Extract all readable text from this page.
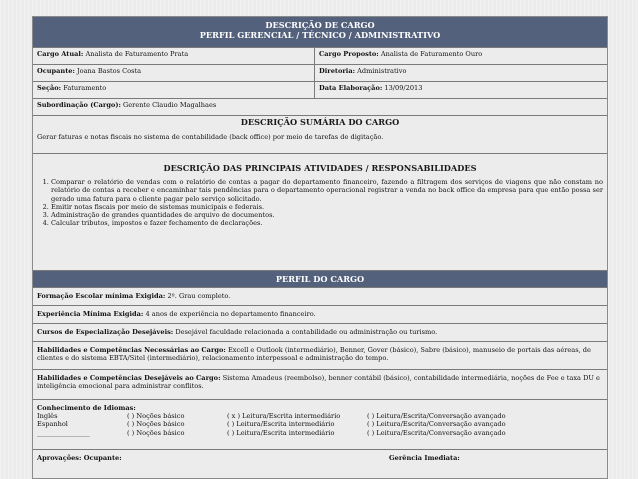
DESCRIÇÃO DE CARGO
PERFIL GERENCIAL / TÉCNICO / ADMINISTRATIVO
Cargo Atual: Analista de Faturamento Prata	Cargo Proposto: Analista de Faturamento Ouro
Ocupante: Joana Bastos Costa	Diretoria: Administrativo
Seção: Faturamento	Data Elaboração: 13/09/2013
Subordinação (Cargo): Gerente Claudio Magalhaes
DESCRIÇÃO SUMÁRIA DO CARGO
Gerar faturas e notas fiscais no sistema de contabilidade (back office) por meio de tarefas de digitação.
DESCRIÇÃO DAS PRINCIPAIS ATIVIDADES / RESPONSABILIDADES
1. Comparar o relatório de vendas com o relatório de contas a pagar do departamento financeiro, fazendo a filtragem dos serviços de viagens que não constam no relatório de contas a receber e encaminhar tais pendências para o departamento operacional registrar a venda no back office da empresa para que então possa ser gerado uma fatura para o cliente pagar pelo serviço solicitado.
2. Emitir notas fiscais por meio de sistemas municipais e federais.
3. Administração de grandes quantidades de arquivo de documentos.
4. Calcular tributos, impostos e fazer fechamento de declarações.
PERFIL DO CARGO
Formação Escolar mínima Exigida: 2º. Grau completo.
Experiência Mínima Exigida: 4 anos de experiência no departamento financeiro.
Cursos de Especialização Desejáveis: Desejável faculdade relacionada a contabilidade ou administração ou turismo.
Habilidades e Competências Necessárias ao Cargo: Excell e Outlook (intermediário), Benner, Gover (básico), Sabre (básico), manuseio de portais das aéreas, de clientes e do sistema EBTA/Sitel (intermediário), relacionamento interpessoal e administração do tempo.
Habilidades e Competências Desejáveis ao Cargo: Sistema Amadeus (reembolso), benner contábil (básico), contabilidade intermediária, noções de Fee e taxa DU e inteligência emocional para administrar conflitos.
Conhecimento de Idiomas:
Inglês	( ) Noções básico	( x ) Leitura/Escrita intermediário	( ) Leitura/Escrita/Conversação avançado
Espanhol	( ) Noções básico	( ) Leitura/Escrita intermediário	( ) Leitura/Escrita/Conversação avançado
________________	( ) Noções básico	( ) Leitura/Escrita intermediário	( ) Leitura/Escrita/Conversação avançado
Aprovações: Ocupante:	Gerência Imediata:
